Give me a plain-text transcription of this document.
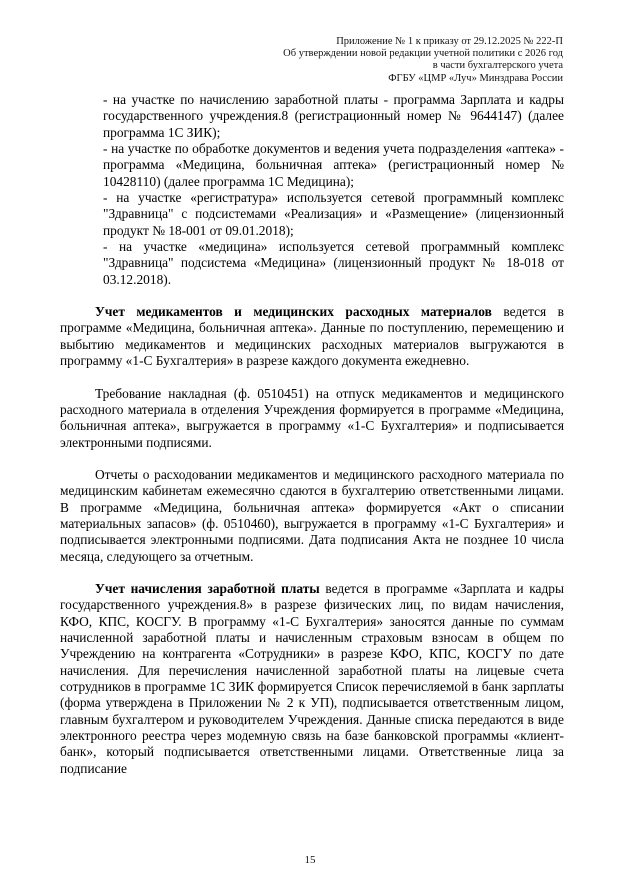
Приложение № 1 к приказу от 29.12.2025 № 222-П
Об утверждении новой редакции учетной политики с 2026 год
в части бухгалтерского учета
ФГБУ «ЦМР «Луч» Минздрава России
- на участке по начислению заработной платы - программа Зарплата и кадры государственного учреждения.8 (регистрационный номер № 9644147) (далее программа 1С ЗИК);
- на участке по обработке документов и ведения учета подразделения «аптека» - программа «Медицина, больничная аптека» (регистрационный номер № 10428110) (далее программа 1С Медицина);
- на участке «регистратура» используется сетевой программный комплекс "Здравница" с подсистемами «Реализация» и «Размещение» (лицензионный продукт № 18-001 от 09.01.2018);
- на участке «медицина» используется сетевой программный комплекс "Здравница" подсистема «Медицина» (лицензионный продукт № 18-018 от 03.12.2018).
Учет медикаментов и медицинских расходных материалов ведется в программе «Медицина, больничная аптека». Данные по поступлению, перемещению и выбытию медикаментов и медицинских расходных материалов выгружаются в программу «1-С Бухгалтерия» в разрезе каждого документа ежедневно.
Требование накладная (ф. 0510451) на отпуск медикаментов и медицинского расходного материала в отделения Учреждения формируется в программе «Медицина, больничная аптека», выгружается в программу «1-С Бухгалтерия» и подписывается электронными подписями.
Отчеты о расходовании медикаментов и медицинского расходного материала по медицинским кабинетам ежемесячно сдаются в бухгалтерию ответственными лицами. В программе «Медицина, больничная аптека» формируется «Акт о списании материальных запасов» (ф. 0510460), выгружается в программу «1-С Бухгалтерия» и подписывается электронными подписями. Дата подписания Акта не позднее 10 числа месяца, следующего за отчетным.
Учет начисления заработной платы ведется в программе «Зарплата и кадры государственного учреждения.8» в разрезе физических лиц, по видам начисления, КФО, КПС, КОСГУ. В программу «1-С Бухгалтерия» заносятся данные по суммам начисленной заработной платы и начисленным страховым взносам в общем по Учреждению на контрагента «Сотрудники» в разрезе КФО, КПС, КОСГУ по дате начисления. Для перечисления начисленной заработной платы на лицевые счета сотрудников в программе 1С ЗИК формируется Список перечисляемой в банк зарплаты (форма утверждена в Приложении № 2 к УП), подписывается ответственным лицом, главным бухгалтером и руководителем Учреждения. Данные списка передаются в виде электронного реестра через модемную связь на базе банковской программы «клиент-банк», который подписывается ответственными лицами. Ответственные лица за подписание
15
